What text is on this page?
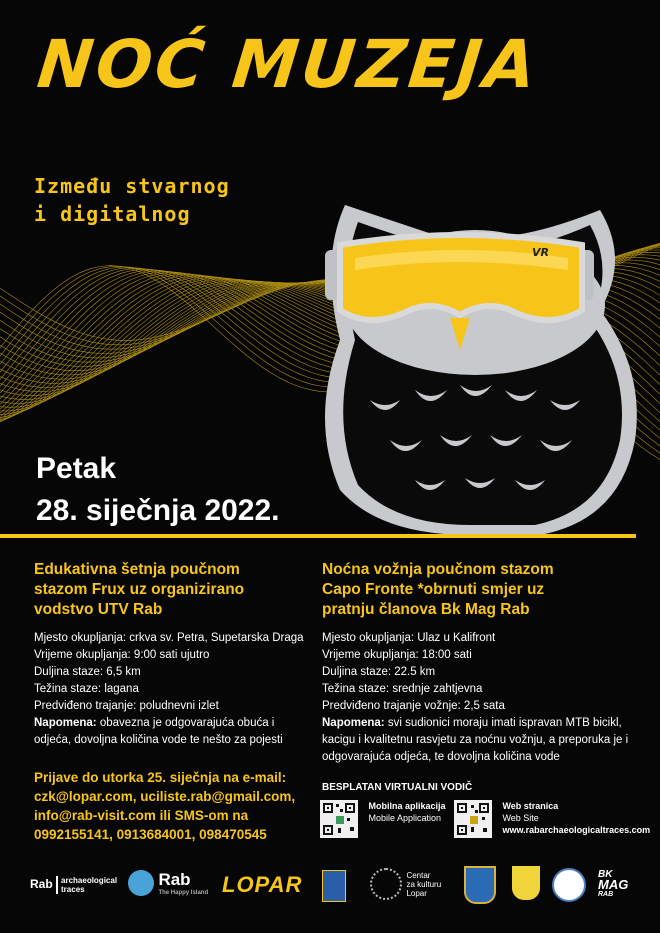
NOĆ MUZEJA
Između stvarnog
i digitalnog
VR
Petak
28. siječnja 2022.
Edukativna šetnja poučnom
stazom Frux uz organizirano
vodstvo UTV Rab
Mjesto okupljanja: crkva sv. Petra, Supetarska Draga
Vrijeme okupljanja: 9:00 sati ujutro
Duljina staze: 6,5 km
Težina staze: lagana
Predviđeno trajanje: poludnevni izlet
Napomena: obavezna je odgovarajuća obuća i odjeća, dovoljna količina vode te nešto za pojesti
Noćna vožnja poučnom stazom
Capo Fronte *obrnuti smjer uz
pratnju članova Bk Mag Rab
Mjesto okupljanja: Ulaz u Kalifront
Vrijeme okupljanja: 18:00 sati
Duljina staze: 22.5 km
Težina staze: srednje zahtjevna
Predviđeno trajanje vožnje: 2,5 sata
Napomena: svi sudionici moraju imati ispravan MTB bicikl, kacigu i kvalitetnu rasvjetu za noćnu vožnju, a preporuka je i odgovarajuća odjeća, te dovoljna količina vode
Prijave do utorka 25. siječnja na e-mail:
czk@lopar.com, uciliste.rab@gmail.com,
info@rab-visit.com ili SMS-om na
0992155141, 0913684001, 098470545
BESPLATAN VIRTUALNI VODIČ

Mobilna aplikacija
Mobile Application

Web stranica
Web Site
www.rabarchaeologicaltraces.com
Rab archaeological
traces

Rab
The Happy Island LOPAR
	Centar
za kulturu
Lopar
BK
MAG
RAB
